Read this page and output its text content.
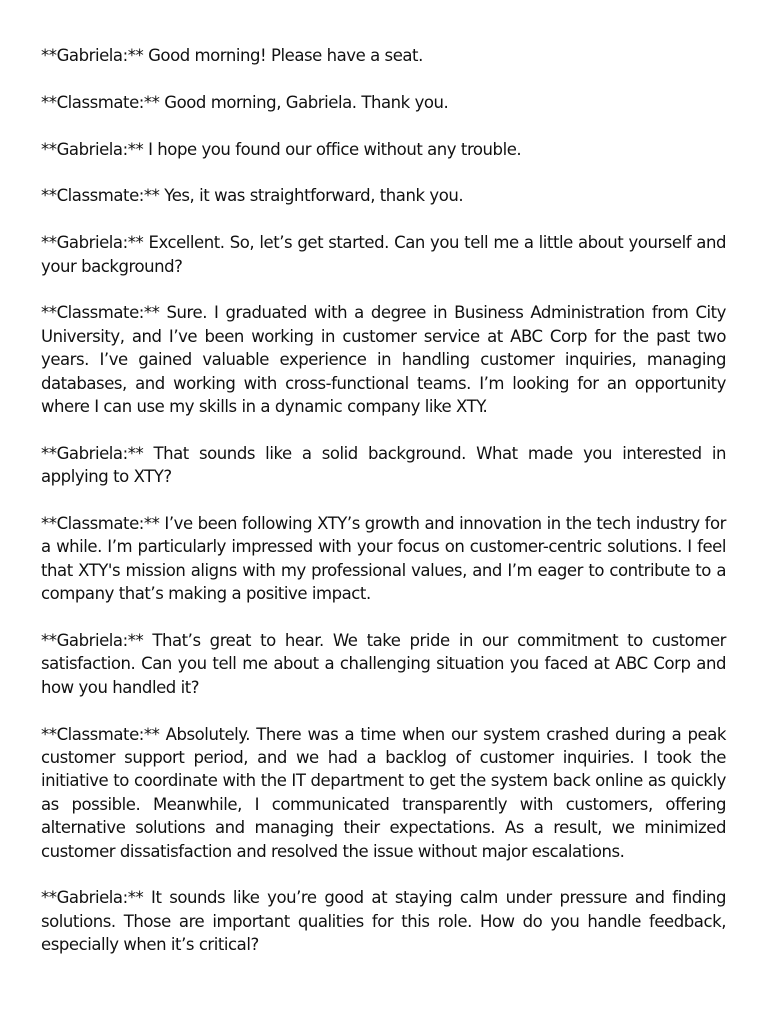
**Gabriela:** Good morning! Please have a seat.

**Classmate:** Good morning, Gabriela. Thank you.

**Gabriela:** I hope you found our office without any trouble.

**Classmate:** Yes, it was straightforward, thank you.

**Gabriela:** Excellent. So, let’s get started. Can you tell me a little about yourself and your background?

**Classmate:** Sure. I graduated with a degree in Business Administration from City University, and I’ve been working in customer service at ABC Corp for the past two years. I’ve gained valuable experience in handling customer inquiries, managing databases, and working with cross-functional teams. I’m looking for an opportunity where I can use my skills in a dynamic company like XTY.

**Gabriela:** That sounds like a solid background. What made you interested in applying to XTY?

**Classmate:** I’ve been following XTY’s growth and innovation in the tech industry for a while. I’m particularly impressed with your focus on customer-centric solutions. I feel that XTY's mission aligns with my professional values, and I’m eager to contribute to a company that’s making a positive impact.

**Gabriela:** That’s great to hear. We take pride in our commitment to customer satisfaction. Can you tell me about a challenging situation you faced at ABC Corp and how you handled it?

**Classmate:** Absolutely. There was a time when our system crashed during a peak customer support period, and we had a backlog of customer inquiries. I took the initiative to coordinate with the IT department to get the system back online as quickly as possible. Meanwhile, I communicated transparently with customers, offering alternative solutions and managing their expectations. As a result, we minimized customer dissatisfaction and resolved the issue without major escalations.

**Gabriela:** It sounds like you’re good at staying calm under pressure and finding solutions. Those are important qualities for this role. How do you handle feedback, especially when it’s critical?
